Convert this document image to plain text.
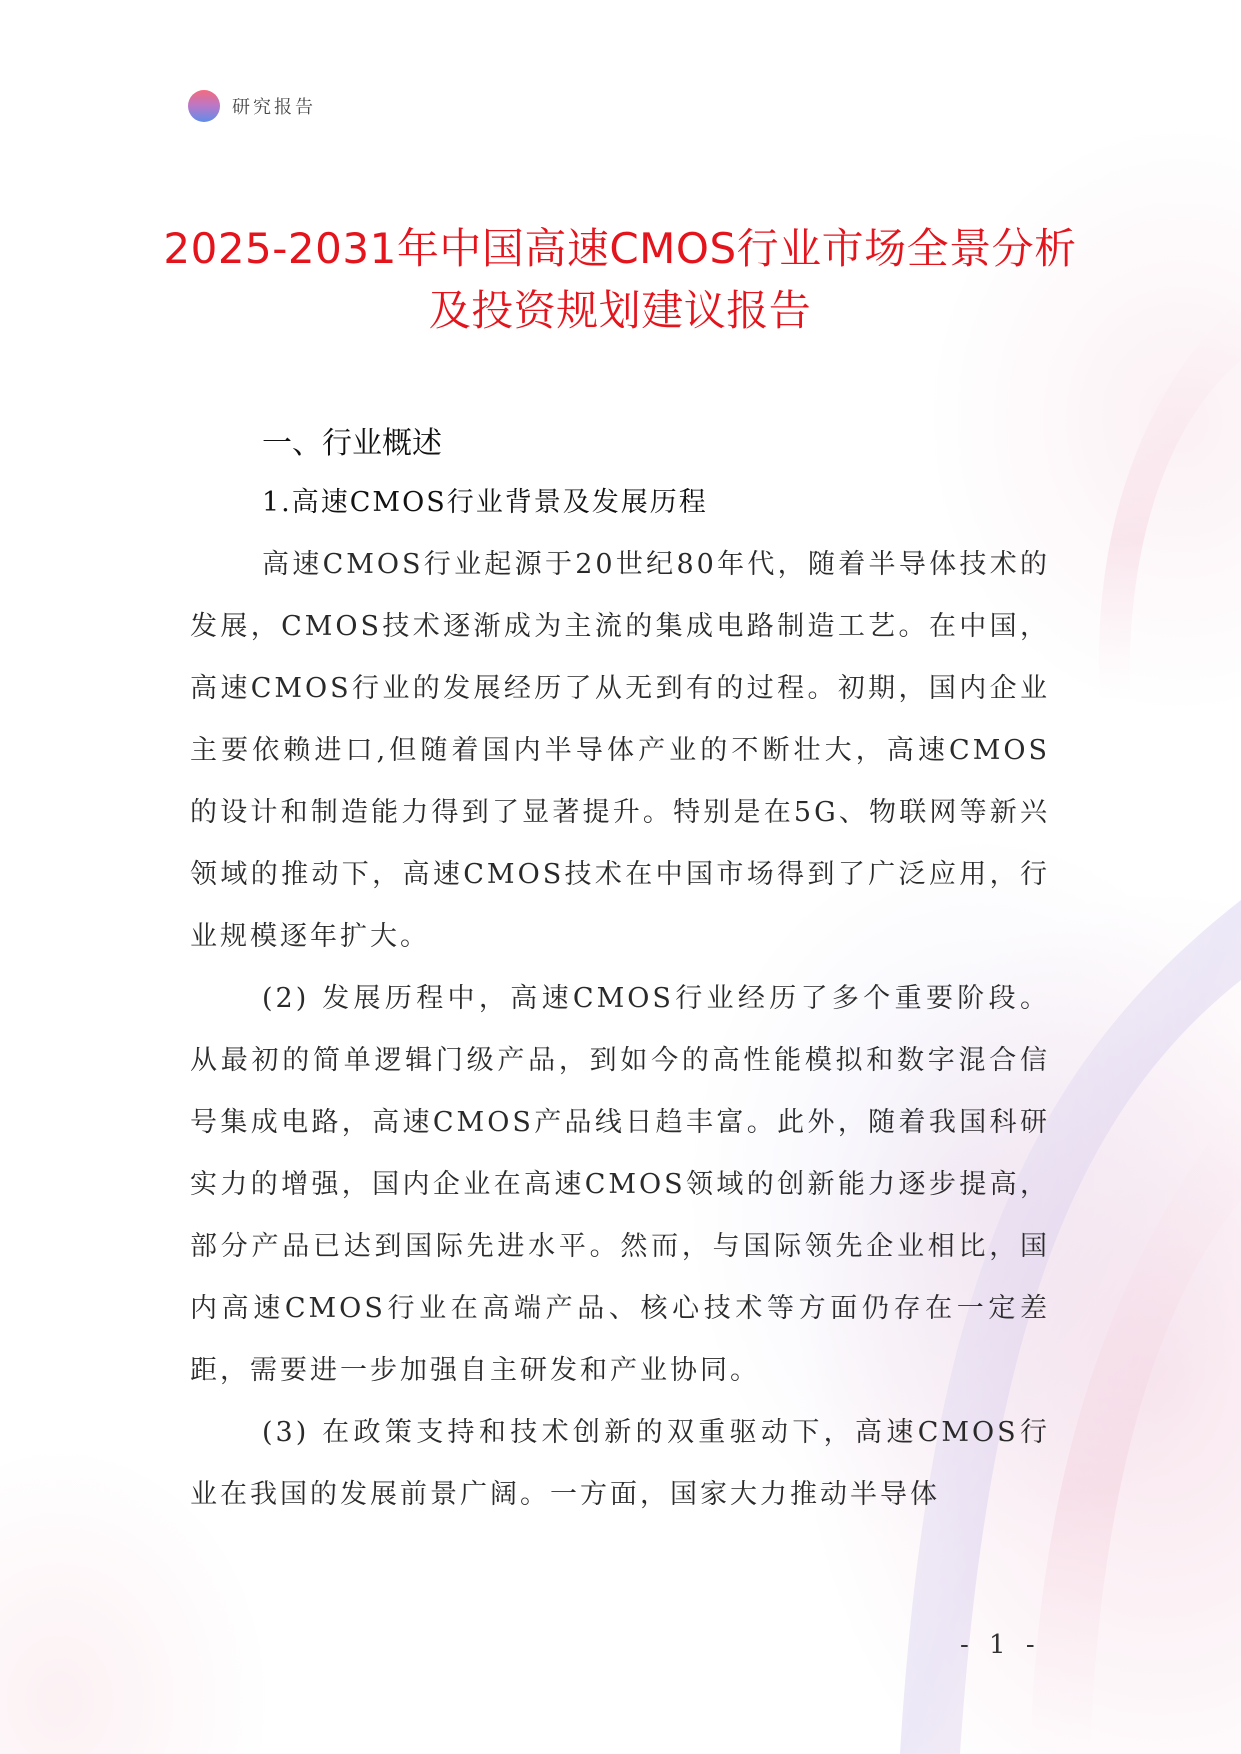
研究报告
2025-2031年中国高速CMOS行业市场全景分析及投资规划建议报告

一、行业概述

1.高速CMOS行业背景及发展历程

高速CMOS行业起源于20世纪80年代，随着半导体技术的发展，CMOS技术逐渐成为主流的集成电路制造工艺。在中国，高速CMOS行业的发展经历了从无到有的过程。初期，国内企业主要依赖进口,但随着国内半导体产业的不断壮大，高速CMOS的设计和制造能力得到了显著提升。特别是在5G、物联网等新兴领域的推动下，高速CMOS技术在中国市场得到了广泛应用，行业规模逐年扩大。

(2) 发展历程中，高速CMOS行业经历了多个重要阶段。从最初的简单逻辑门级产品，到如今的高性能模拟和数字混合信号集成电路，高速CMOS产品线日趋丰富。此外，随着我国科研实力的增强，国内企业在高速CMOS领域的创新能力逐步提高，部分产品已达到国际先进水平。然而，与国际领先企业相比，国内高速CMOS行业在高端产品、核心技术等方面仍存在一定差距，需要进一步加强自主研发和产业协同。

(3) 在政策支持和技术创新的双重驱动下，高速CMOS行业在我国的发展前景广阔。一方面，国家大力推动半导体

- 1 -
